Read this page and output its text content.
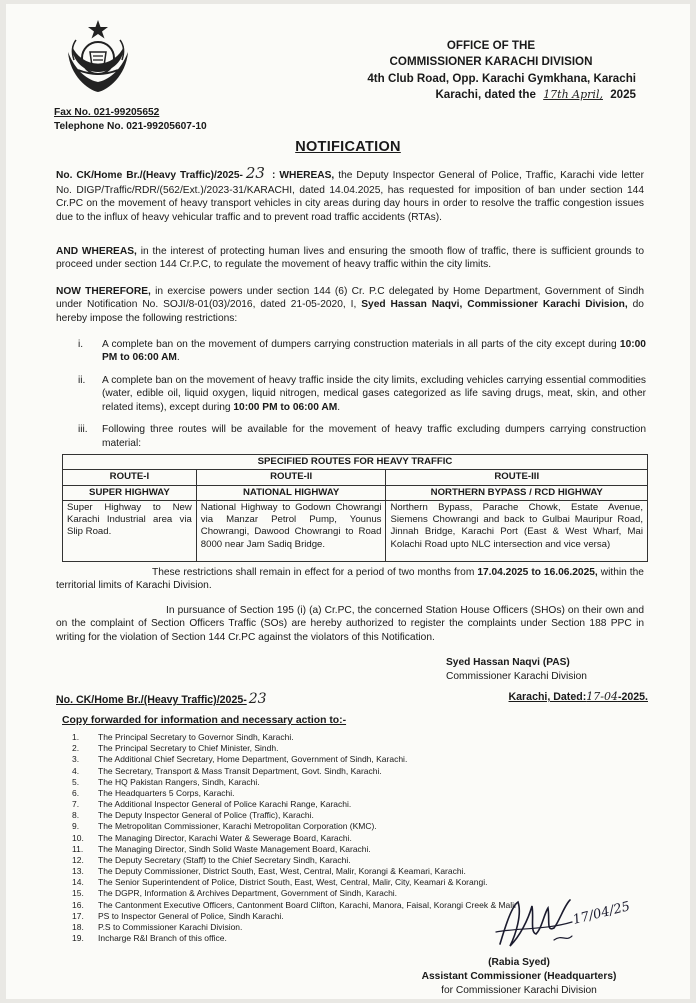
OFFICE OF THE
COMMISSIONER KARACHI DIVISION
4th Club Road, Opp. Karachi Gymkhana, Karachi
Karachi, dated the 17th April, 2025
Fax No. 021-99205652
Telephone No. 021-99205607-10
NOTIFICATION
No. CK/Home Br./(Heavy Traffic)/2025- 23 : WHEREAS, the Deputy Inspector General of Police, Traffic, Karachi vide letter No. DIGP/Traffic/RDR/(562/Ext.)/2023-31/KARACHI, dated 14.04.2025, has requested for imposition of ban under section 144 Cr.PC on the movement of heavy transport vehicles in city areas during day hours in order to resolve the traffic congestion issues due to the influx of heavy vehicular traffic and to prevent road traffic accidents (RTAs).
AND WHEREAS, in the interest of protecting human lives and ensuring the smooth flow of traffic, there is sufficient grounds to proceed under section 144 Cr.P.C, to regulate the movement of heavy traffic within the city limits.
NOW THEREFORE, in exercise powers under section 144 (6) Cr. P.C delegated by Home Department, Government of Sindh under Notification No. SOJI/8-01(03)/2016, dated 21-05-2020, I, Syed Hassan Naqvi, Commissioner Karachi Division, do hereby impose the following restrictions:
i. A complete ban on the movement of dumpers carrying construction materials in all parts of the city except during 10:00 PM to 06:00 AM.
ii. A complete ban on the movement of heavy traffic inside the city limits, excluding vehicles carrying essential commodities (water, edible oil, liquid oxygen, liquid nitrogen, medical gases categorized as life saving drugs, meat, skin, and other related items), except during 10:00 PM to 06:00 AM.
iii. Following three routes will be available for the movement of heavy traffic excluding dumpers carrying construction material:
SPECIFIED ROUTES FOR HEAVY TRAFFIC		
ROUTE-I	ROUTE-II	ROUTE-III
SUPER HIGHWAY	NATIONAL HIGHWAY	NORTHERN BYPASS / RCD HIGHWAY
Super Highway to New Karachi Industrial area via Slip Road.	National Highway to Godown Chowrangi via Manzar Petrol Pump, Younus Chowrangi, Dawood Chowrangi to Road 8000 near Jam Sadiq Bridge.	Northern Bypass, Parache Chowk, Estate Avenue, Siemens Chowrangi and back to Gulbai Mauripur Road, Jinnah Bridge, Karachi Port (East & West Wharf, Mai Kolachi Road upto NLC intersection and vice versa)
These restrictions shall remain in effect for a period of two months from 17.04.2025 to 16.06.2025, within the territorial limits of Karachi Division.
In pursuance of Section 195 (i) (a) Cr.PC, the concerned Station House Officers (SHOs) on their own and on the complaint of Section Officers Traffic (SOs) are hereby authorized to register the complaints under Section 188 PPC in writing for the violation of Section 144 Cr.PC against the violators of this Notification.
Syed Hassan Naqvi (PAS)
Commissioner Karachi Division
No. CK/Home Br./(Heavy Traffic)/2025- 23	Karachi, Dated:17-04-2025.
Copy forwarded for information and necessary action to:-
1. The Principal Secretary to Governor Sindh, Karachi.
2. The Principal Secretary to Chief Minister, Sindh.
3. The Additional Chief Secretary, Home Department, Government of Sindh, Karachi.
4. The Secretary, Transport & Mass Transit Department, Govt. Sindh, Karachi.
5. The HQ Pakistan Rangers, Sindh, Karachi.
6. The Headquarters 5 Corps, Karachi.
7. The Additional Inspector General of Police Karachi Range, Karachi.
8. The Deputy Inspector General of Police (Traffic), Karachi.
9. The Metropolitan Commissioner, Karachi Metropolitan Corporation (KMC).
10. The Managing Director, Karachi Water & Sewerage Board, Karachi.
11. The Managing Director, Sindh Solid Waste Management Board, Karachi.
12. The Deputy Secretary (Staff) to the Chief Secretary Sindh, Karachi.
13. The Deputy Commissioner, District South, East, West, Central, Malir, Korangi & Keamari, Karachi.
14. The Senior Superintendent of Police, District South, East, West, Central, Malir, City, Keamari & Korangi.
15. The DGPR, Information & Archives Department, Government of Sindh, Karachi.
16. The Cantonment Executive Officers, Cantonment Board Clifton, Karachi, Manora, Faisal, Korangi Creek & Malir
17. PS to Inspector General of Police, Sindh Karachi.
18. P.S to Commissioner Karachi Division.
19. Incharge R&I Branch of this office.
17/04/25
(Rabia Syed)
Assistant Commissioner (Headquarters)
for Commissioner Karachi Division
